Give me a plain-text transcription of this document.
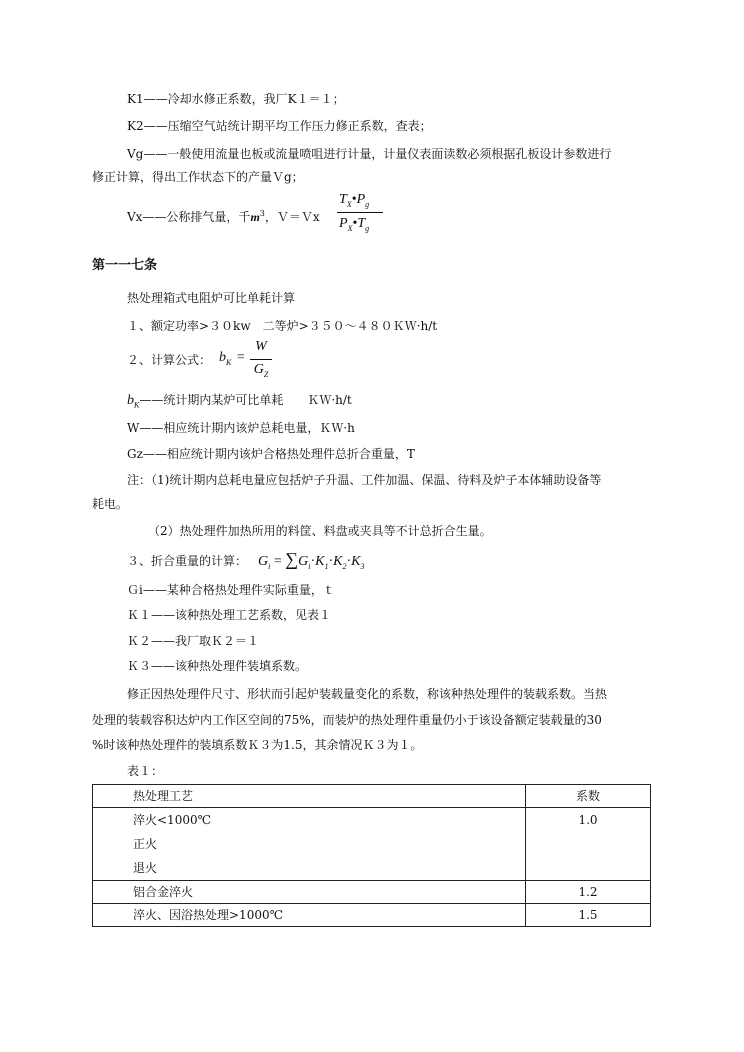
K1——冷却水修正系数，我厂K１＝１；
K2——压缩空气站统计期平均工作压力修正系数，查表；
Vg——一般使用流量也板或流量喷咀进行计量，计量仪表面读数必须根据孔板设计参数进行
修正计算，得出工作状态下的产量Ｖg；
Vx——公称排气量，千$m^3$，Ｖ＝Ｖx
$T_X•P_g$
$P_X•T_g$
第一一七条
热处理箱式电阻炉可比单耗计算
１、额定功率>３０kw　二等炉>３５０～４８０ＫＷ·h/t
２、计算公式： $b_K$ =
W
$G_Z$
$b_K——$统计期内某炉可比单耗　　ＫＷ·h/t
W——相应统计期内该炉总耗电量，ＫＷ·h
Gz——相应统计期内该炉合格热处理件总折合重量，T
注：（1)统计期内总耗电量应包括炉子升温、工件加温、保温、待料及炉子本体辅助设备等
耗电。
（2）热处理件加热所用的料筐、料盘或夹具等不计总折合生量。
３、折合重量的计算： $G_i = \sum G_i\cdot K_1\cdot K_2\cdot K_3$
Ｇi——某种合格热处理件实际重量，ｔ
Ｋ１——该种热处理工艺系数，见表１
Ｋ２——我厂取Ｋ２＝１
Ｋ３——该种热处理件装填系数。
修正因热处理件尺寸、形状而引起炉装载量变化的系数，称该种热处理件的装载系数。当热
处理的装载容积达炉内工作区空间的75%，而装炉的热处理件重量仍小于该设备额定装载量的30
%时该种热处理件的装填系数Ｋ３为1.5，其余情况Ｋ３为１。
表１：
热处理工艺	系数

淬火<1000℃
正火
退火	1.0

铝合金淬火	1.2

淬火、因浴热处理>1000℃	1.5
